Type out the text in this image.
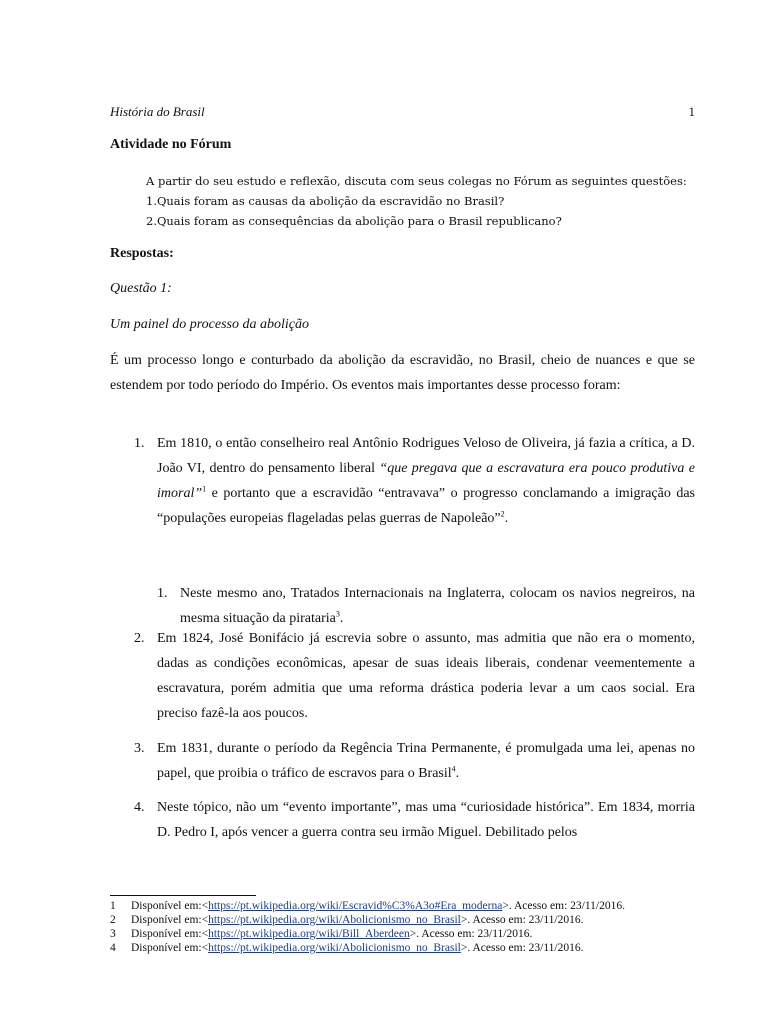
História do Brasil	1
Atividade no Fórum

A partir do seu estudo e reflexão, discuta com seus colegas no Fórum as seguintes questões:

1.Quais foram as causas da abolição da escravidão no Brasil?

2.Quais foram as consequências da abolição para o Brasil republicano?

Respostas:
Questão 1:
Um painel do processo da abolição

É um processo longo e conturbado da abolição da escravidão, no Brasil, cheio de nuances e que se estendem por todo período do Império. Os eventos mais importantes desse processo foram:

1. Em 1810, o então conselheiro real Antônio Rodrigues Veloso de Oliveira, já fazia a crítica, a D. João VI, dentro do pensamento liberal “que pregava que a escravatura era pouco produtiva e imoral”$^1$ e portanto que a escravidão “entravava” o progresso conclamando a imigração das “populações europeias flageladas pelas guerras de Napoleão”$^2$.

1. Neste mesmo ano, Tratados Internacionais na Inglaterra, colocam os navios negreiros, na mesma situação da pirataria$^3$.

2. Em 1824, José Bonifácio já escrevia sobre o assunto, mas admitia que não era o momento, dadas as condições econômicas, apesar de suas ideais liberais, condenar veementemente a escravatura, porém admitia que uma reforma drástica poderia levar a um caos social. Era preciso fazê-la aos poucos.

3. Em 1831, durante o período da Regência Trina Permanente, é promulgada uma lei, apenas no papel, que proibia o tráfico de escravos para o Brasil$^4$.

4. Neste tópico, não um “evento importante”, mas uma “curiosidade histórica”. Em 1834, morria D. Pedro I, após vencer a guerra contra seu irmão Miguel. Debilitado pelos

1 Disponível em:<https://pt.wikipedia.org/wiki/Escravid%C3%A3o#Era_moderna>. Acesso em: 23/11/2016.
2 Disponível em:<https://pt.wikipedia.org/wiki/Abolicionismo_no_Brasil>. Acesso em: 23/11/2016.
3 Disponível em:<https://pt.wikipedia.org/wiki/Bill_Aberdeen>. Acesso em: 23/11/2016.
4 Disponível em:<https://pt.wikipedia.org/wiki/Abolicionismo_no_Brasil>. Acesso em: 23/11/2016.
